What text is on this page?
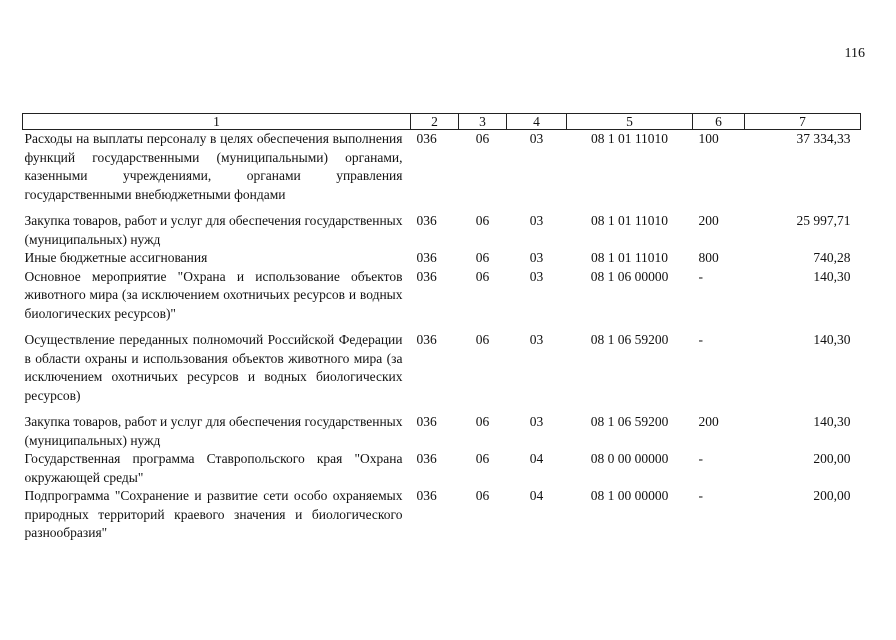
116
1	2	3	4	5	6	7
Расходы на выплаты персоналу в целях обеспечения выполнения функций государственными (муниципальными) органами, казенными учреждениями, органами управления государственными внебюджетными фондами	036	06	03	08 1 01 11010	100	37 334,33
Закупка товаров, работ и услуг для обеспечения государственных (муниципальных) нужд	036	06	03	08 1 01 11010	200	25 997,71
Иные бюджетные ассигнования	036	06	03	08 1 01 11010	800	740,28
Основное мероприятие "Охрана и использование объектов животного мира (за исключением охотничьих ресурсов и водных биологических ресурсов)"	036	06	03	08 1 06 00000	-	140,30
Осуществление переданных полномочий Российской Федерации в области охраны и использования объектов животного мира (за исключением охотничьих ресурсов и водных биологических ресурсов)	036	06	03	08 1 06 59200	-	140,30
Закупка товаров, работ и услуг для обеспечения государственных (муниципальных) нужд	036	06	03	08 1 06 59200	200	140,30
Государственная программа Ставропольского края "Охрана окружающей среды"	036	06	04	08 0 00 00000	-	200,00
Подпрограмма "Сохранение и развитие сети особо охраняемых природных территорий краевого значения и биологического разнообразия"	036	06	04	08 1 00 00000	-	200,00
